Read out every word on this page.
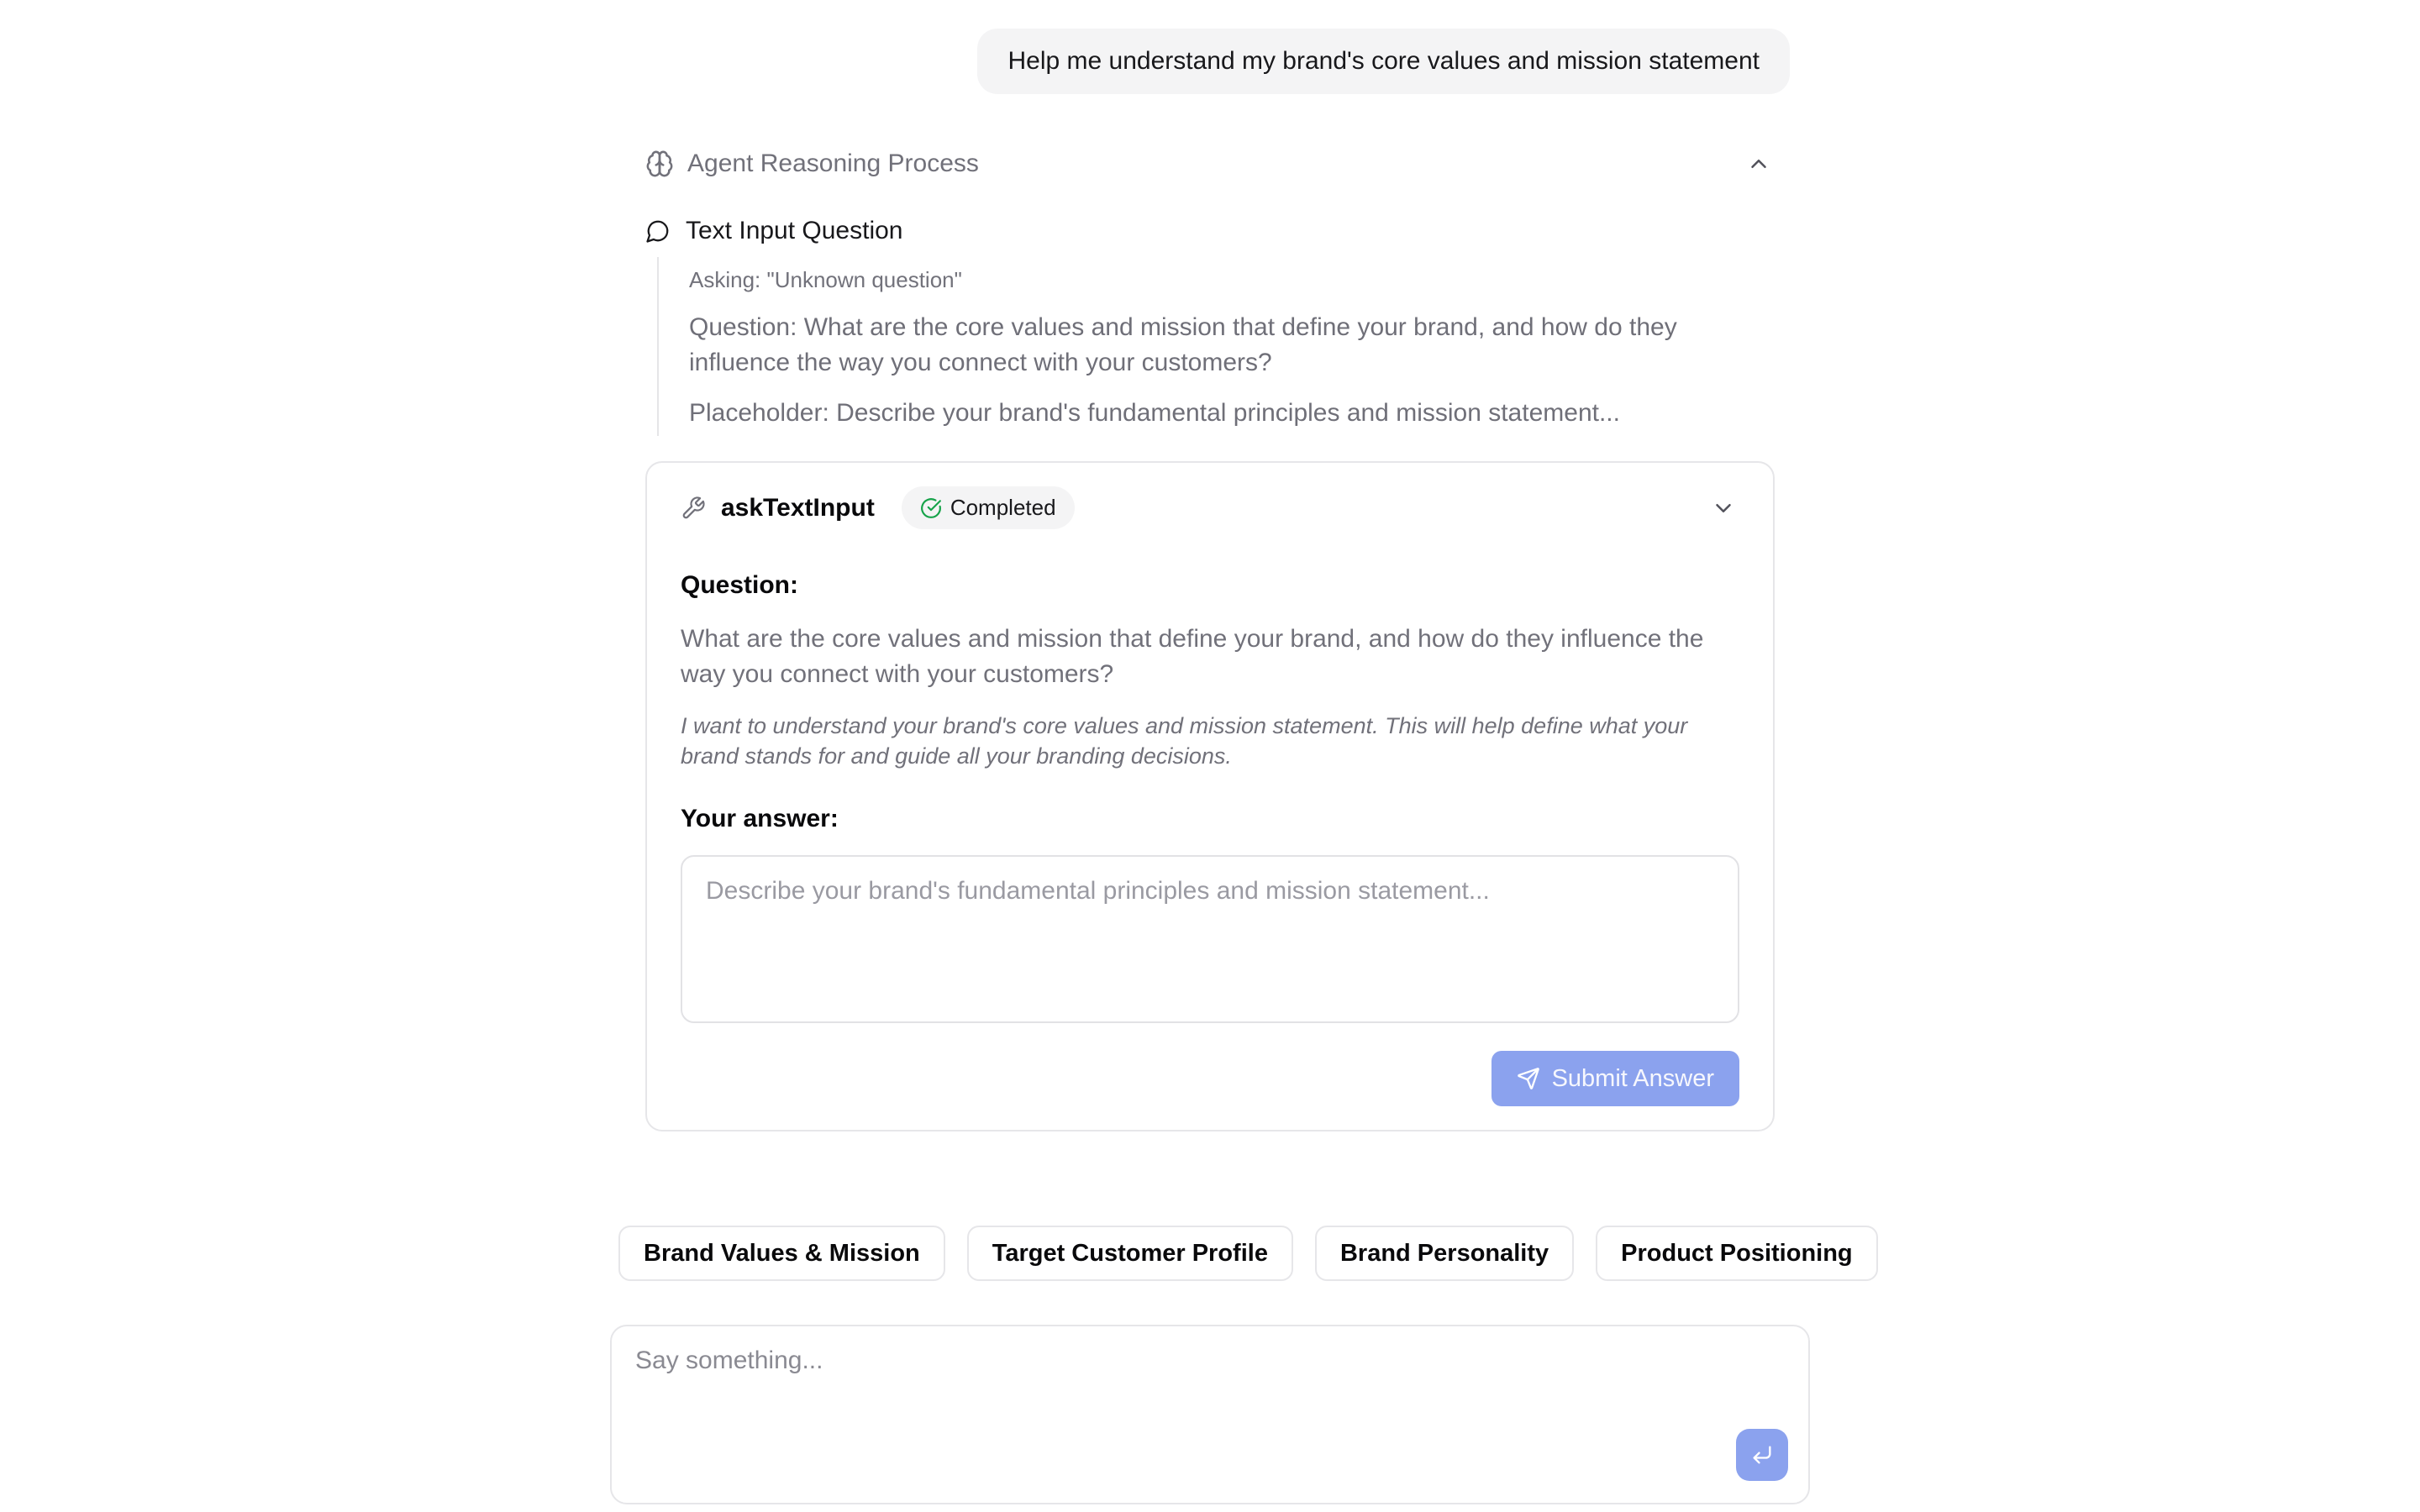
Help me understand my brand's core values and mission statement
Agent Reasoning Process
Text Input Question
Asking: "Unknown question"
Question: What are the core values and mission that define your brand, and how do they influence the way you connect with your customers?
Placeholder: Describe your brand's fundamental principles and mission statement...
askTextInput	Completed
Question:
What are the core values and mission that define your brand, and how do they influence the way you connect with your customers?
I want to understand your brand's core values and mission statement. This will help define what your brand stands for and guide all your branding decisions.
Your answer:
Describe your brand's fundamental principles and mission statement...
Submit Answer
Brand Values & Mission	Target Customer Profile	Brand Personality	Product Positioning
Say something...
